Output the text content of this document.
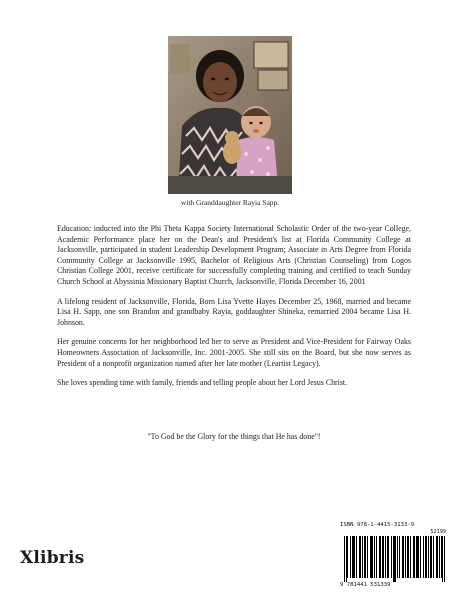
with Granddaughter Rayia Sapp.

Education: inducted into the Phi Theta Kappa Society International Scholastic Order of the two-year College, Academic Performance place her on the Dean's and President's list at Florida Community College at Jacksonville, participated in student Leadership Development Program; Associate in Arts Degree from Florida Community College at Jacksonville 1995, Bachelor of Religious Arts (Christian Counseling) from Logos Christian College 2001, receive certificate for successfully completing training and certified to teach Sunday Church School at Abyssinia Missionary Baptist Church, Jacksonville, Florida December 16, 2001

A lifelong resident of Jacksonville, Florida, Born Lisa Yvette Hayes December 25, 1968, married and became Lisa H. Sapp, one son Brandon and grandbaby Rayia, goddaughter Shineka, remarried 2004 became Lisa H. Johnson.

Her genuine concerns for her neighborhood led her to serve as President and Vice-President for Fairway Oaks Homeowners Association of Jacksonville, Inc. 2001-2005. She still sits on the Board, but she now serves as President of a nonprofit organization named after her late mother (Leartist Legacy).

She loves spending time with family, friends and telling people about her Lord Jesus Christ.

"To God be the Glory for the things that He has done"!
Xlibris
ISBN 978-1-4415-3133-9
52199
9 781441 531339
